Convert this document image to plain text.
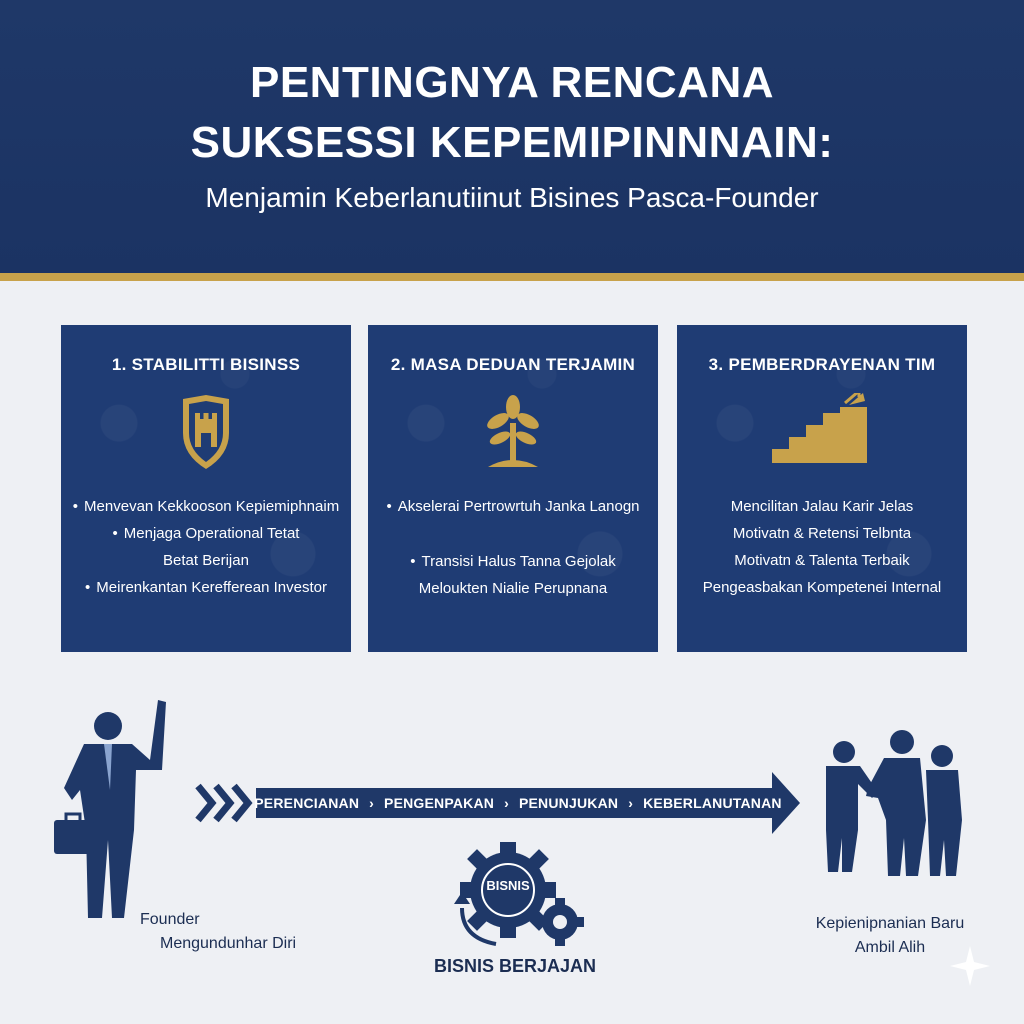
PENTINGNYA RENCANA
SUKSESSI KEPEMIPINNNAIN:
Menjamin Keberlanutiinut Bisines Pasca-Founder
1. STABILITTI BISINSS
• Menvevan Kekkooson Kepiemiphnaim
• Menjaga Operational Tetat
Betat Berijan
• Meirenkantan Kerefferean Investor
2. MASA DEDUAN TERJAMIN
• Akselerai Pertrowrtuh Janka Lanogn
• Transisi Halus Tanna Gejolak
Meloukten Nialie Perupnana
3. PEMBERDRAYENAN TIM
Mencilitan Jalau Karir Jelas
Motivatn & Retensi Telbnta
Motivatn & Talenta Terbaik
Pengeasbakan Kompetenei Internal
PERENCIANAN › PENGENPAKAN › PENUNJUKAN › KEBERLANUTANAN
BISNIS
BISNIS BERJAJAN
Founder
Mengundunhar Diri
Kepienipnanian Baru
Ambil Alih
